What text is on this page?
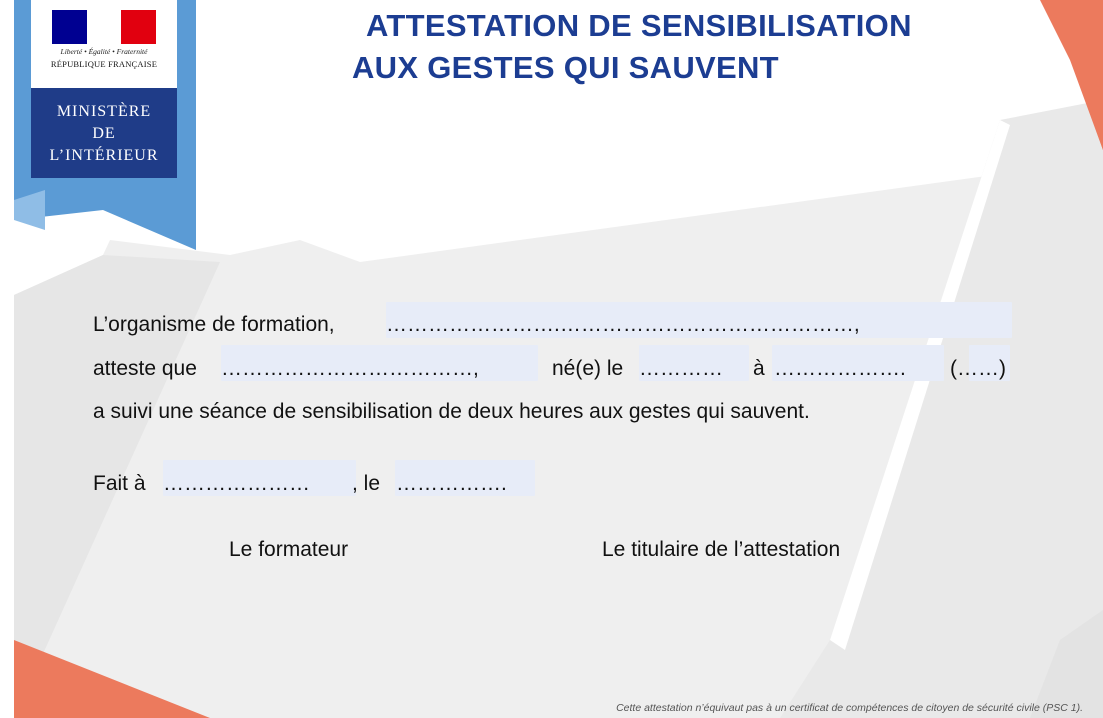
Liberté • Égalité • Fraternité
RÉPUBLIQUE FRANÇAISE
MINISTÈRE
DE
L’INTÉRIEUR
ATTESTATION DE SENSIBILISATION
AUX GESTES QUI SAUVENT
L’organisme de formation, …………………….……………………………………,
atteste que ………………………………,	né(e) le ………… à ………………. (……)
a suivi une séance de sensibilisation de deux heures aux gestes qui sauvent.
Fait à ………………… , le …………….
Le formateur	Le titulaire de l’attestation
Cette attestation n’équivaut pas à un certificat de compétences de citoyen de sécurité civile (PSC 1).
